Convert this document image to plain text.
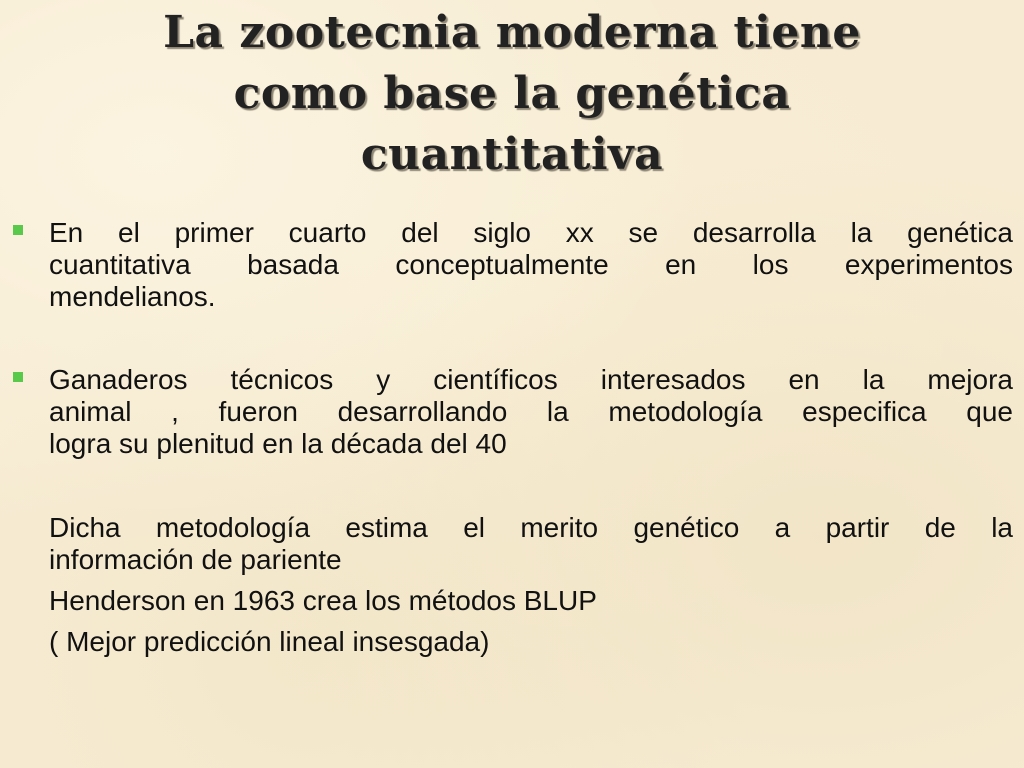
La zootecnia moderna tiene
como base la genética
cuantitativa

En el primer cuarto del siglo xx se desarrolla la genética
cuantitativa basada conceptualmente en los experimentos
mendelianos.

Ganaderos técnicos y científicos interesados en la mejora
animal , fueron desarrollando la metodología especifica que
logra su plenitud en la década del 40

Dicha metodología estima el merito genético a partir de la
información de pariente

Henderson en 1963 crea los métodos BLUP

( Mejor predicción lineal insesgada)
